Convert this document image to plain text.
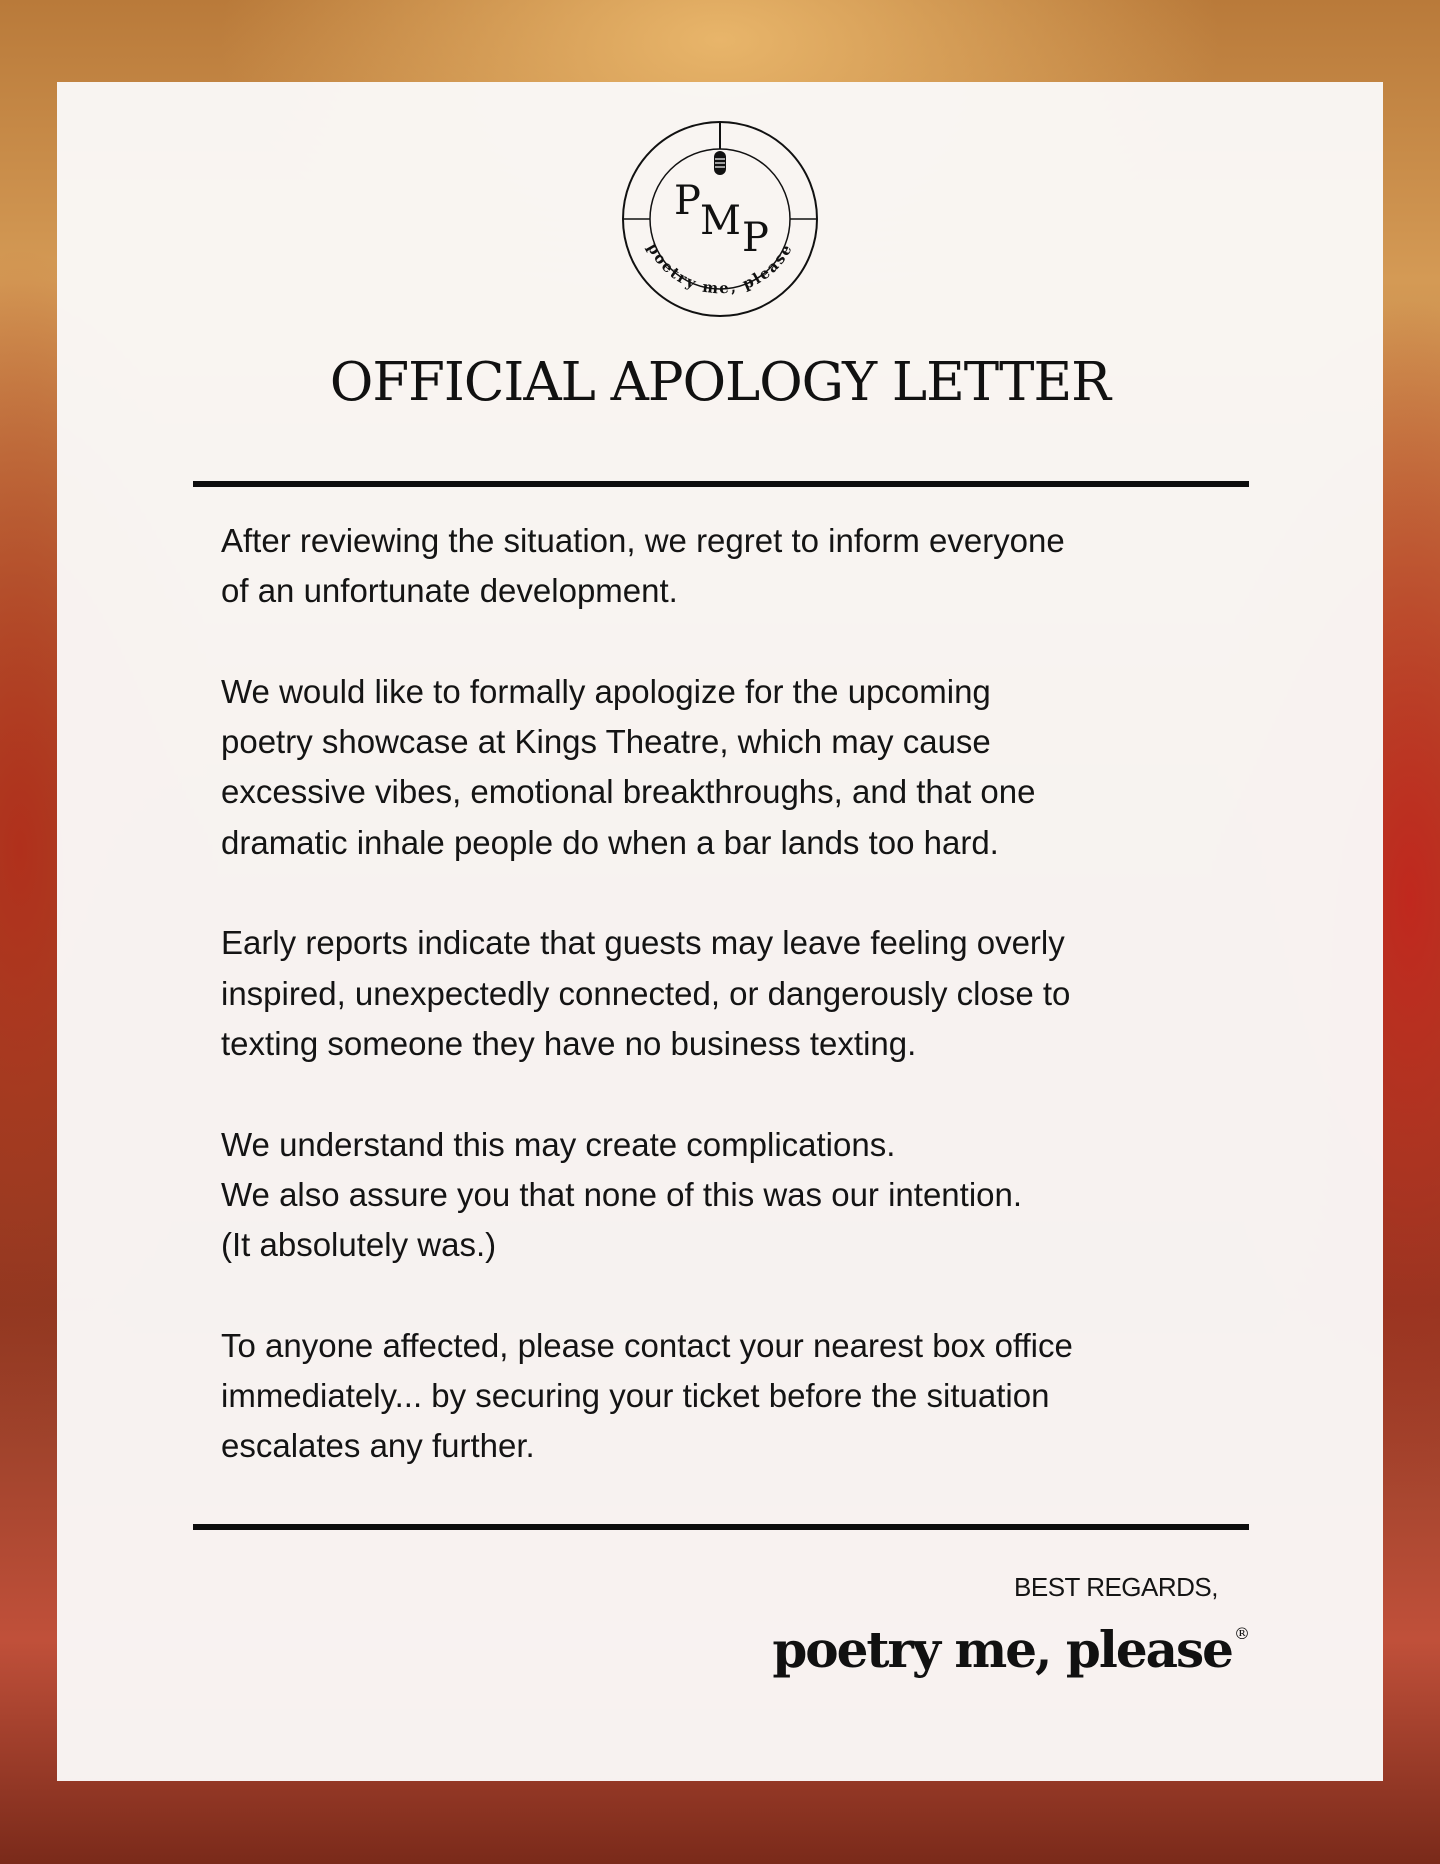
P M P
poetry me, please
OFFICIAL APOLOGY LETTER

After reviewing the situation, we regret to inform everyone
of an unfortunate development.

We would like to formally apologize for the upcoming
poetry showcase at Kings Theatre, which may cause
excessive vibes, emotional breakthroughs, and that one
dramatic inhale people do when a bar lands too hard.

Early reports indicate that guests may leave feeling overly
inspired, unexpectedly connected, or dangerously close to
texting someone they have no business texting.

We understand this may create complications.
We also assure you that none of this was our intention.
(It absolutely was.)

To anyone affected, please contact your nearest box office
immediately... by securing your ticket before the situation
escalates any further.

BEST REGARDS,
poetry me, please ®
